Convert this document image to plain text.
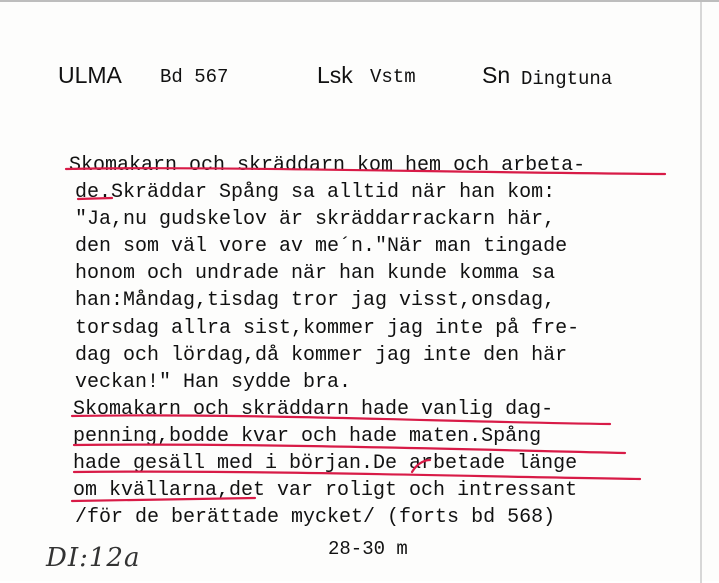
ULMA Bd 567	Lsk Vstm	Sn Dingtuna
Skomakarn och skräddarn kom hem och arbeta-
de.Skräddar Spång sa alltid när han kom:
"Ja,nu gudskelov är skräddarrackarn här,
den som väl vore av me´n."När man tingade
honom och undrade när han kunde komma sa
han:Måndag,tisdag tror jag visst,onsdag,
torsdag allra sist,kommer jag inte på fre-
dag och lördag,då kommer jag inte den här
veckan!" Han sydde bra.
Skomakarn och skräddarn hade vanlig dag-
penning,bodde kvar och hade maten.Spång
hade gesäll med i början.De arbetade länge
om kvällarna,det var roligt och intressant
/för de berättade mycket/ (forts bd 568)
28-30 m
DI:12a
